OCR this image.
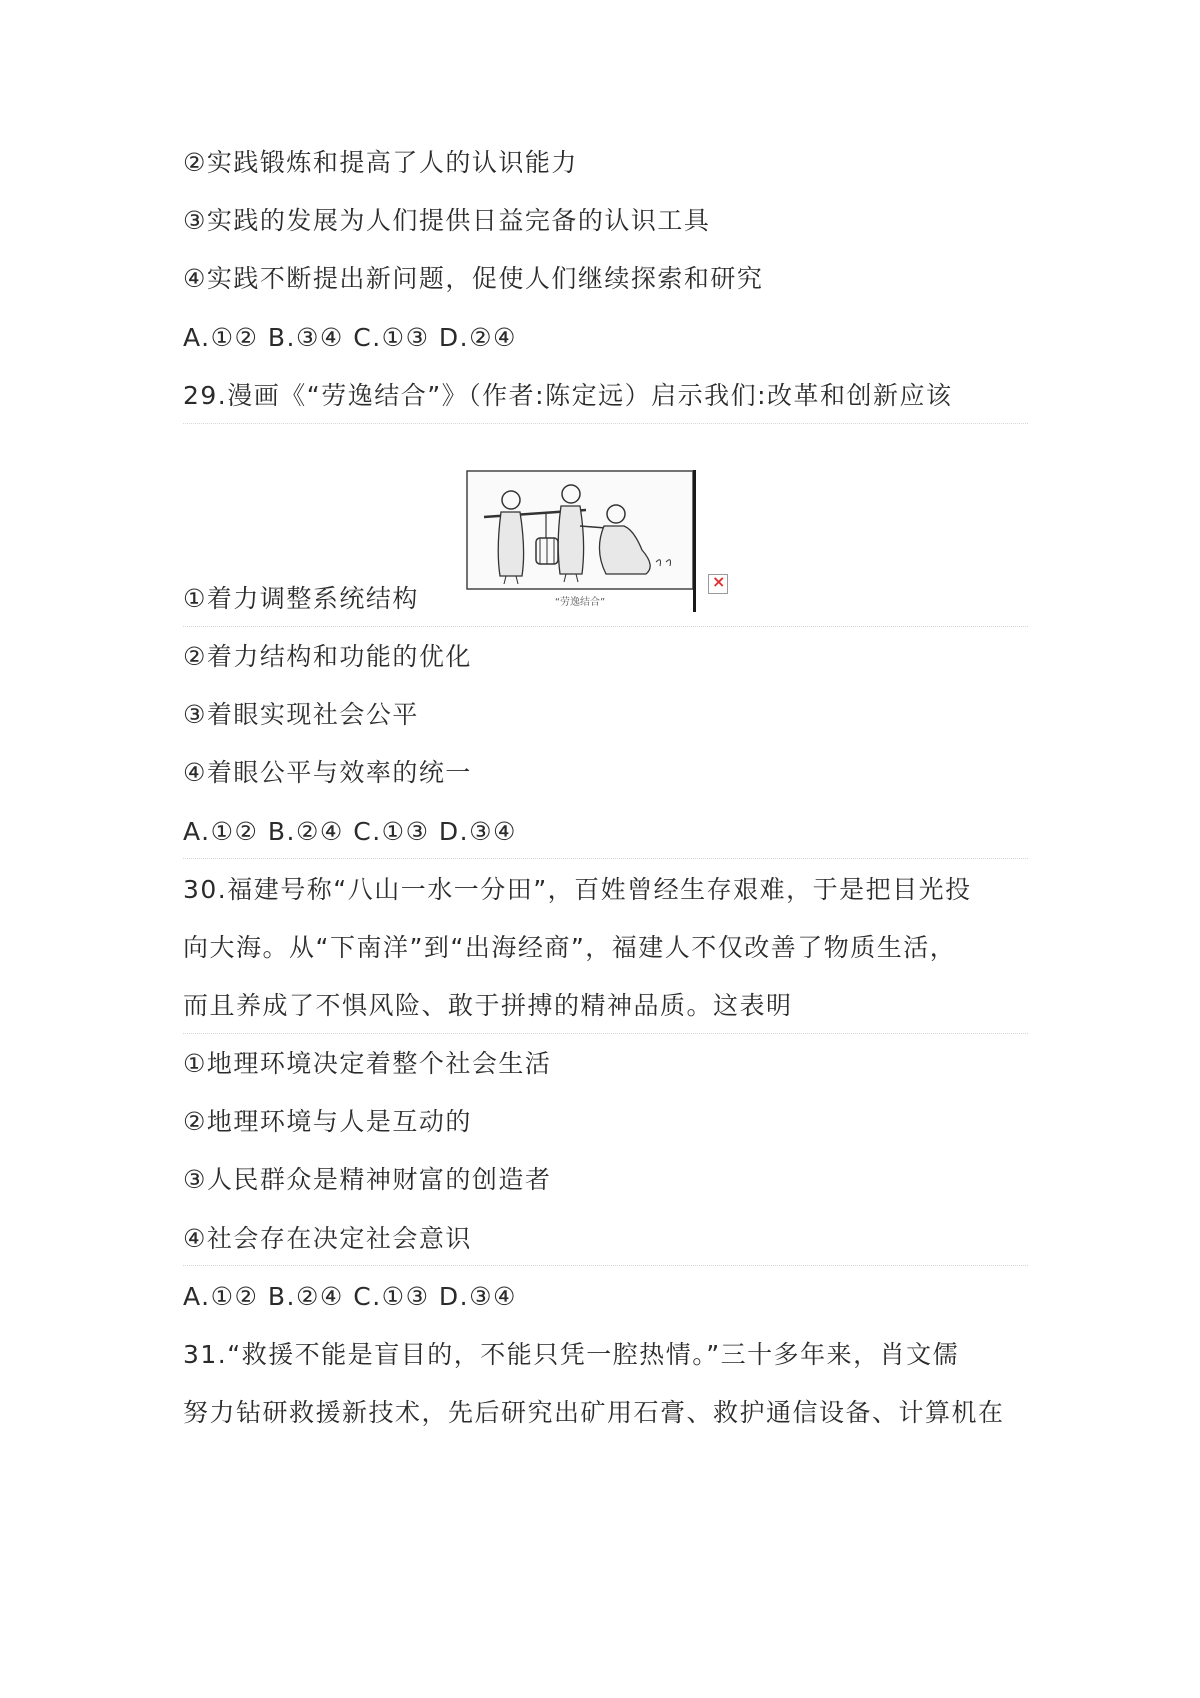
②实践锻炼和提高了人的认识能力
③实践的发展为人们提供日益完备的认识工具
④实践不断提出新问题，促使人们继续探索和研究
A.①② B.③④ C.①③ D.②④
29.漫画《“劳逸结合”》（作者:陈定远）启示我们:改革和创新应该
“劳逸结合”
×
①着力调整系统结构
②着力结构和功能的优化
③着眼实现社会公平
④着眼公平与效率的统一
A.①② B.②④ C.①③ D.③④
30.福建号称“八山一水一分田”，百姓曾经生存艰难，于是把目光投
向大海。从“下南洋”到“出海经商”，福建人不仅改善了物质生活，
而且养成了不惧风险、敢于拼搏的精神品质。这表明
①地理环境决定着整个社会生活
②地理环境与人是互动的
③人民群众是精神财富的创造者
④社会存在决定社会意识
A.①② B.②④ C.①③ D.③④
31.“救援不能是盲目的，不能只凭一腔热情。”三十多年来，肖文儒
努力钻研救援新技术，先后研究出矿用石膏、救护通信设备、计算机在
